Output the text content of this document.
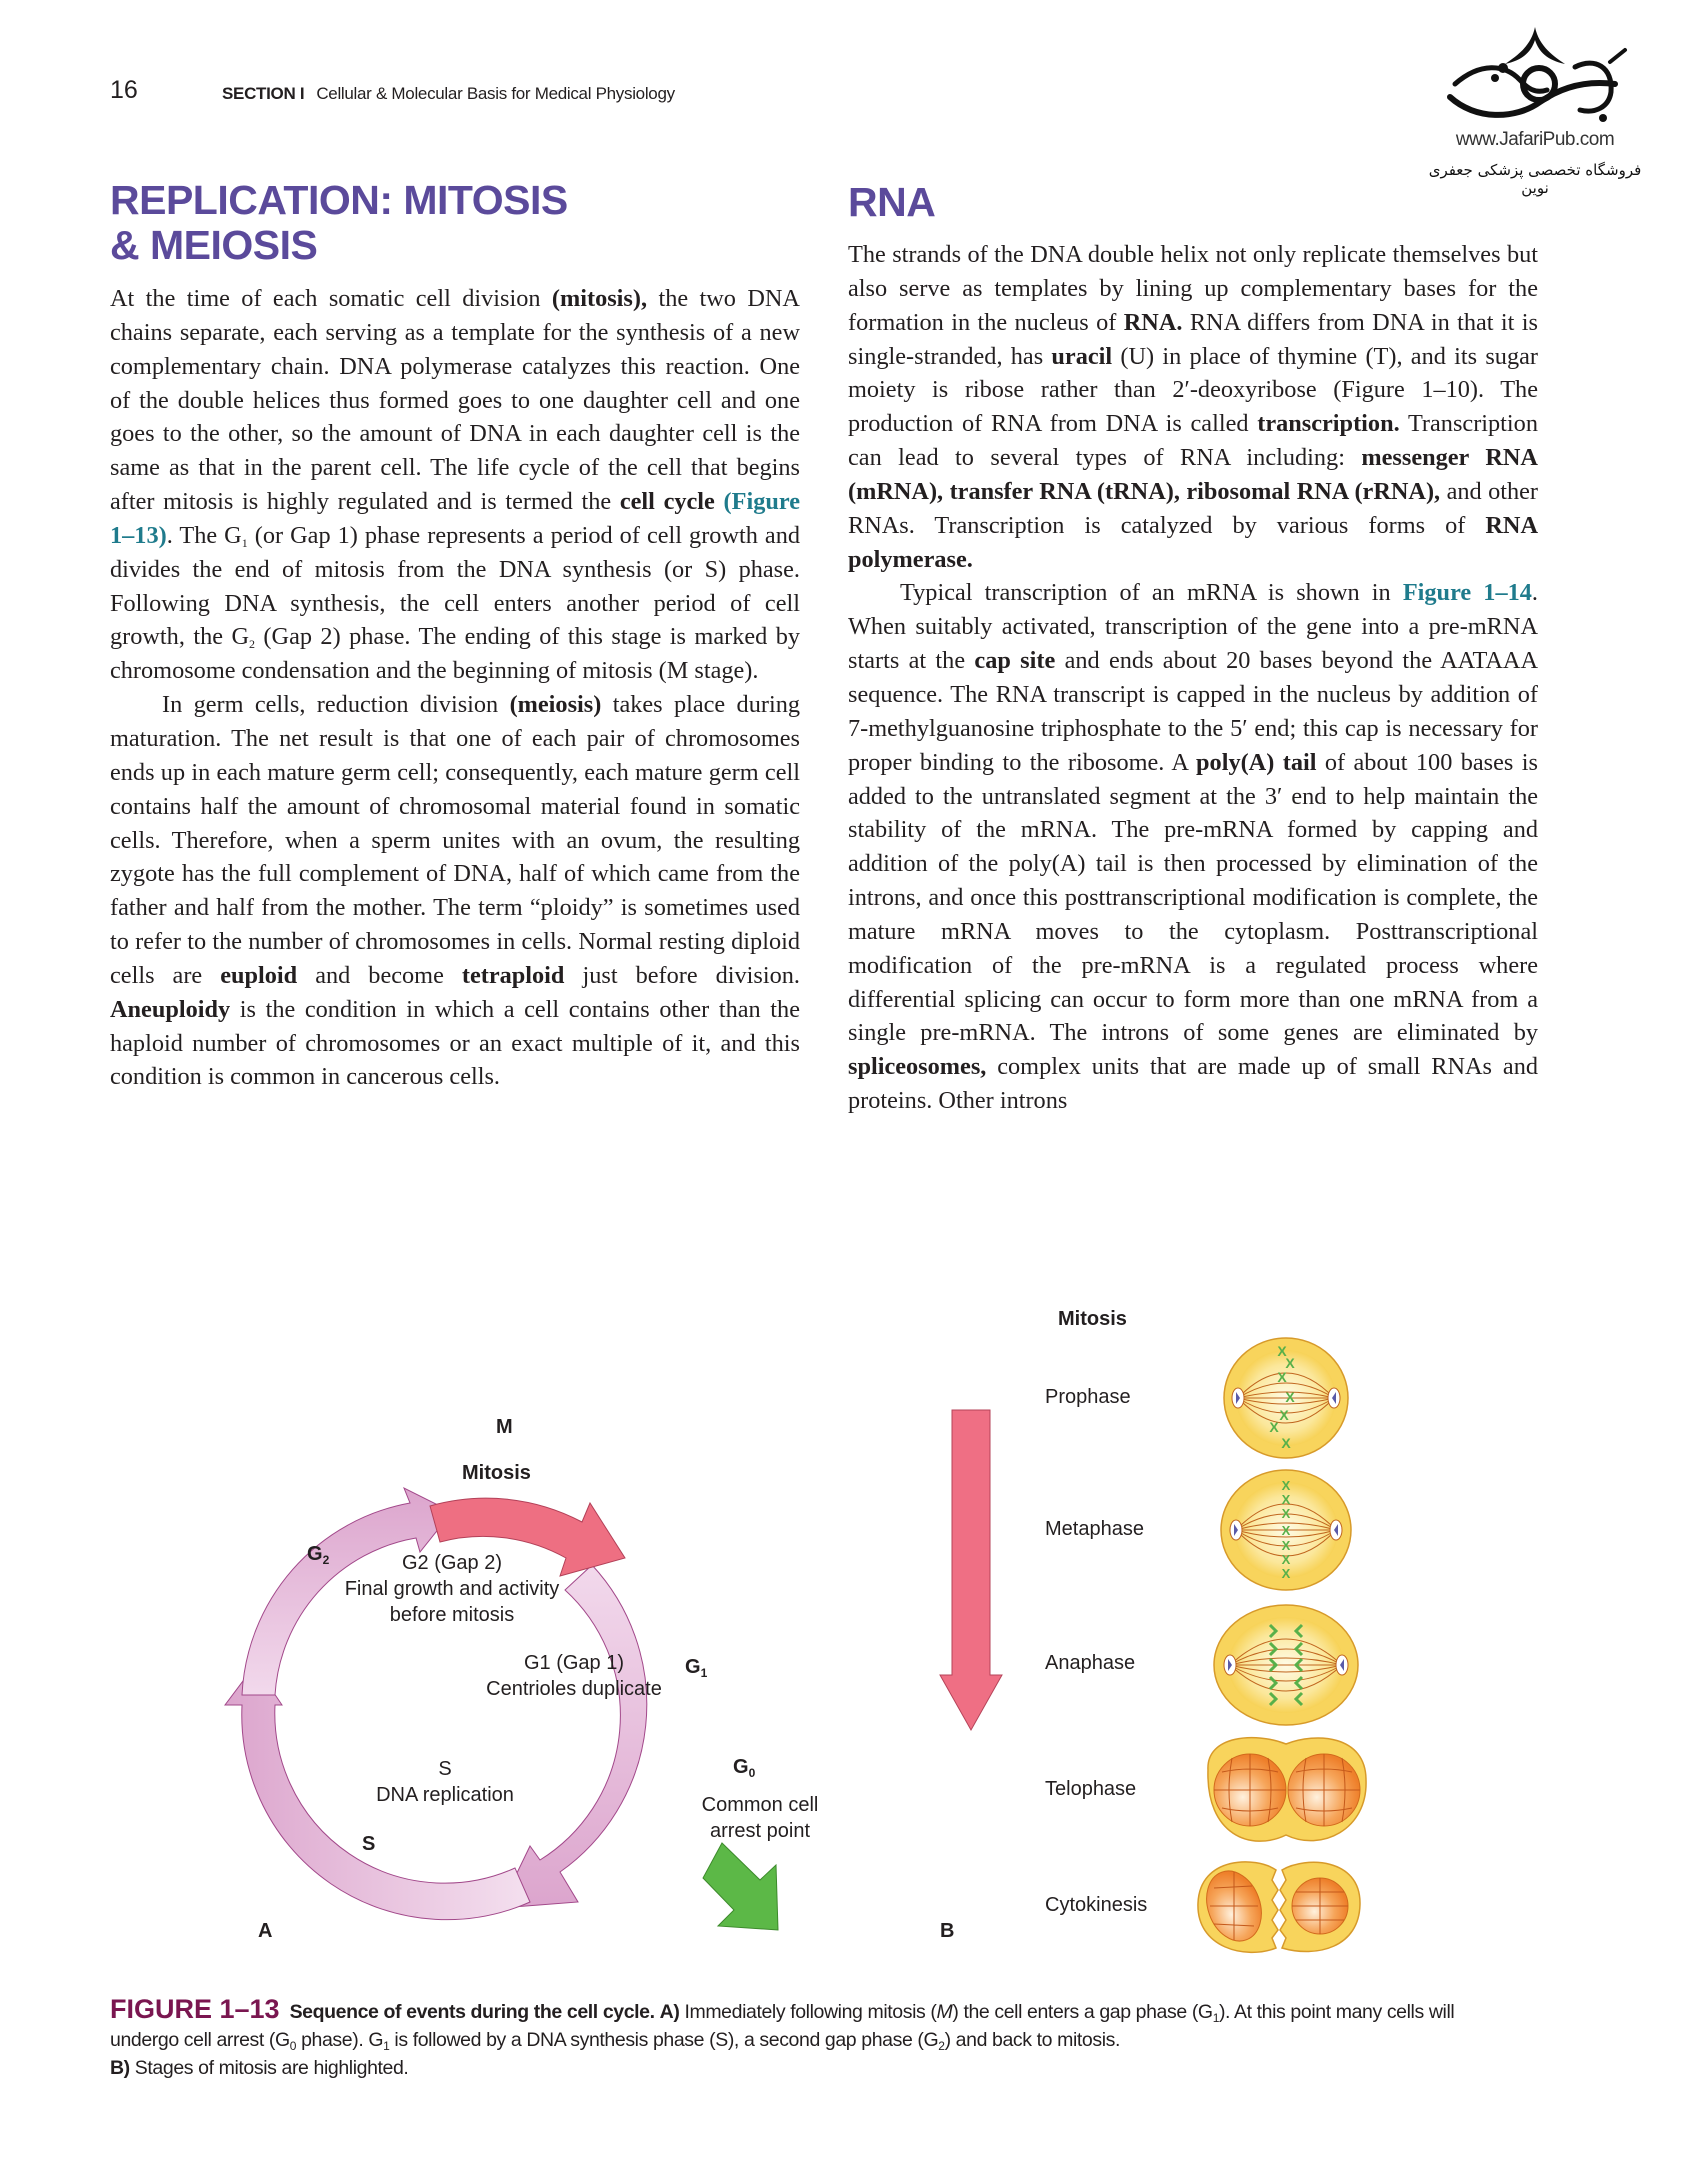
16	SECTION I Cellular & Molecular Basis for Medical Physiology
www.JafariPub.com
فروشگاه تخصصی پزشکی جعفری نوین
REPLICATION: MITOSIS
& MEIOSIS

At the time of each somatic cell division (mitosis), the two DNA chains separate, each serving as a template for the synthesis of a new complementary chain. DNA polymerase catalyzes this reaction. One of the double helices thus formed goes to one daughter cell and one goes to the other, so the amount of DNA in each daughter cell is the same as that in the parent cell. The life cycle of the cell that begins after mitosis is highly regulated and is termed the cell cycle (Figure 1–13). The $G_1$ (or Gap 1) phase represents a period of cell growth and divides the end of mitosis from the DNA synthesis (or S) phase. Following DNA synthesis, the cell enters another period of cell growth, the $G_2$ (Gap 2) phase. The ending of this stage is marked by chromosome condensation and the beginning of mitosis (M stage).

In germ cells, reduction division (meiosis) takes place during maturation. The net result is that one of each pair of chromosomes ends up in each mature germ cell; consequently, each mature germ cell contains half the amount of chromosomal material found in somatic cells. Therefore, when a sperm unites with an ovum, the resulting zygote has the full complement of DNA, half of which came from the father and half from the mother. The term “ploidy” is sometimes used to refer to the number of chromosomes in cells. Normal resting diploid cells are euploid and become tetraploid just before division. Aneuploidy is the condition in which a cell contains other than the haploid number of chromosomes or an exact multiple of it, and this condition is common in cancerous cells.

RNA

The strands of the DNA double helix not only replicate themselves but also serve as templates by lining up complementary bases for the formation in the nucleus of RNA. RNA differs from DNA in that it is single-stranded, has uracil (U) in place of thymine (T), and its sugar moiety is ribose rather than 2′-deoxyribose (Figure 1–10). The production of RNA from DNA is called transcription. Transcription can lead to several types of RNA including: messenger RNA (mRNA), transfer RNA (tRNA), ribosomal RNA (rRNA), and other RNAs. Transcription is catalyzed by various forms of RNA polymerase.

Typical transcription of an mRNA is shown in Figure 1–14. When suitably activated, transcription of the gene into a pre-mRNA starts at the cap site and ends about 20 bases beyond the AATAAA sequence. The RNA transcript is capped in the nucleus by addition of 7-methylguanosine triphosphate to the 5′ end; this cap is necessary for proper binding to the ribosome. A poly(A) tail of about 100 bases is added to the untranslated segment at the 3′ end to help maintain the stability of the mRNA. The pre-mRNA formed by capping and addition of the poly(A) tail is then processed by elimination of the introns, and once this posttranscriptional modification is complete, the mature mRNA moves to the cytoplasm. Posttranscriptional modification of the pre-mRNA is a regulated process where differential splicing can occur to form more than one mRNA from a single pre-mRNA. The introns of some genes are eliminated by spliceosomes, complex units that are made up of small RNAs and proteins. Other introns

X
X
X
X
X
X
X
X
X
X
X
X
X
X
M
Mitosis
$G_2$	G2 (Gap 2)
Final growth and activity
before mitosis
G1 (Gap 1)
Centrioles duplicate
$G_1$
S
DNA replication
S
$G_0$
Common cell
arrest point
A
Mitosis
Prophase
Metaphase
Anaphase
Telophase
Cytokinesis
B
FIGURE 1–13 Sequence of events during the cell cycle. A) Immediately following mitosis (M) the cell enters a gap phase $(G_1)$. At this point many cells will undergo cell arrest ($G_0$ phase). $G_1$ is followed by a DNA synthesis phase (S), a second gap phase $(G_2)$ and back to mitosis.
B) Stages of mitosis are highlighted.
